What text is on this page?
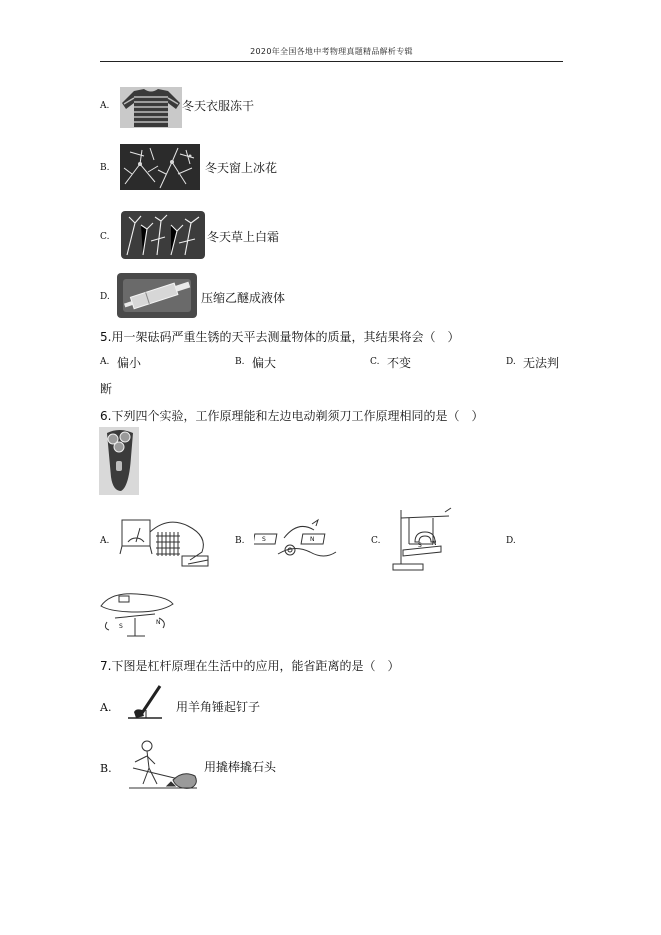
2020年全国各地中考物理真题精品解析专辑
A.	冬天衣服冻干
B.	冬天窗上冰花
C.	冬天草上白霜
D.	压缩乙醚成液体
5.用一架砝码严重生锈的天平去测量物体的质量，其结果将会（　）
A. 偏小	B. 偏大	C. 不变	D. 无法判
断
6.下列四个实验，工作原理能和左边电动剃须刀工作原理相同的是（　）
A.	B.	S	N	C.	S N	D.
S
N
7.下图是杠杆原理在生活中的应用，能省距离的是（　）
A.	用羊角锤起钉子
B.	用撬棒撬石头
